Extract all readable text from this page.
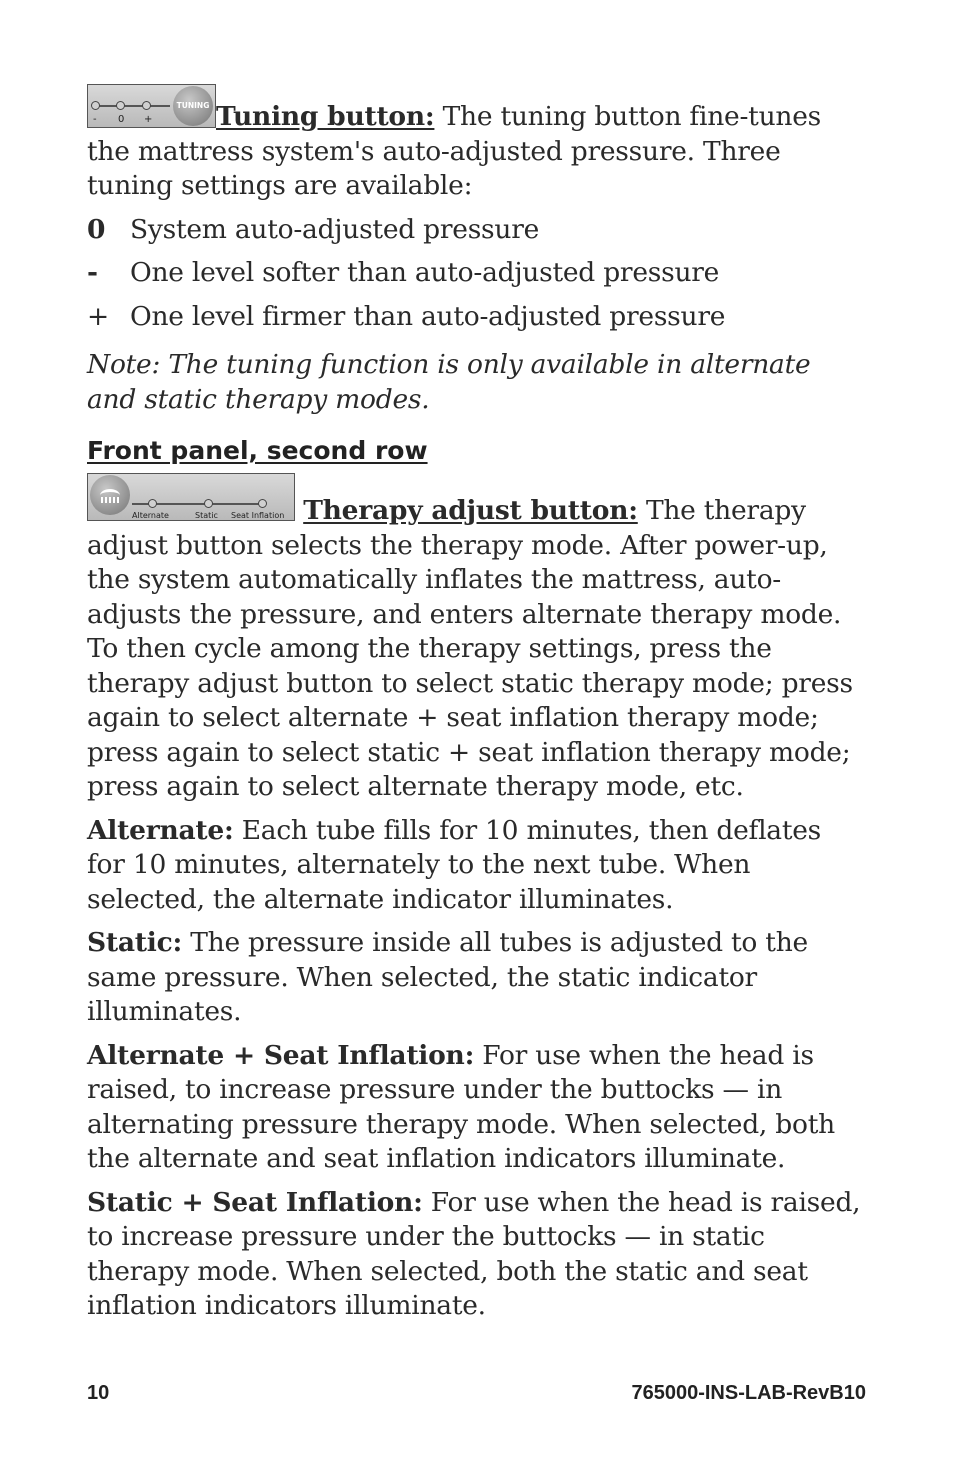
- 0 +
TUNING Tuning button: The tuning button fine-tunes the mattress system's auto-adjusted pressure. Three tuning settings are available:

0 System auto-adjusted pressure
-	One level softer than auto-adjusted pressure
+ One level firmer than auto-adjusted pressure

Note: The tuning function is only available in alternate and static therapy modes.

Front panel, second row

Alternate	Static Seat Inflation Therapy adjust button: The therapy adjust button selects the therapy mode. After power-up, the system automatically inflates the mattress, auto-adjusts the pressure, and enters alternate therapy mode. To then cycle among the therapy settings, press the therapy adjust button to select static therapy mode; press again to select alternate + seat inflation therapy mode; press again to select static + seat inflation therapy mode; press again to select alternate therapy mode, etc.

Alternate: Each tube fills for 10 minutes, then deflates for 10 minutes, alternately to the next tube. When selected, the alternate indicator illuminates.

Static: The pressure inside all tubes is adjusted to the same pressure. When selected, the static indicator illuminates.

Alternate + Seat Inflation: For use when the head is raised, to increase pressure under the buttocks — in alternating pressure therapy mode. When selected, both the alternate and seat inflation indicators illuminate.

Static + Seat Inflation: For use when the head is raised, to increase pressure under the buttocks — in static therapy mode. When selected, both the static and seat inflation indicators illuminate.

10	765000-INS-LAB-RevB10
